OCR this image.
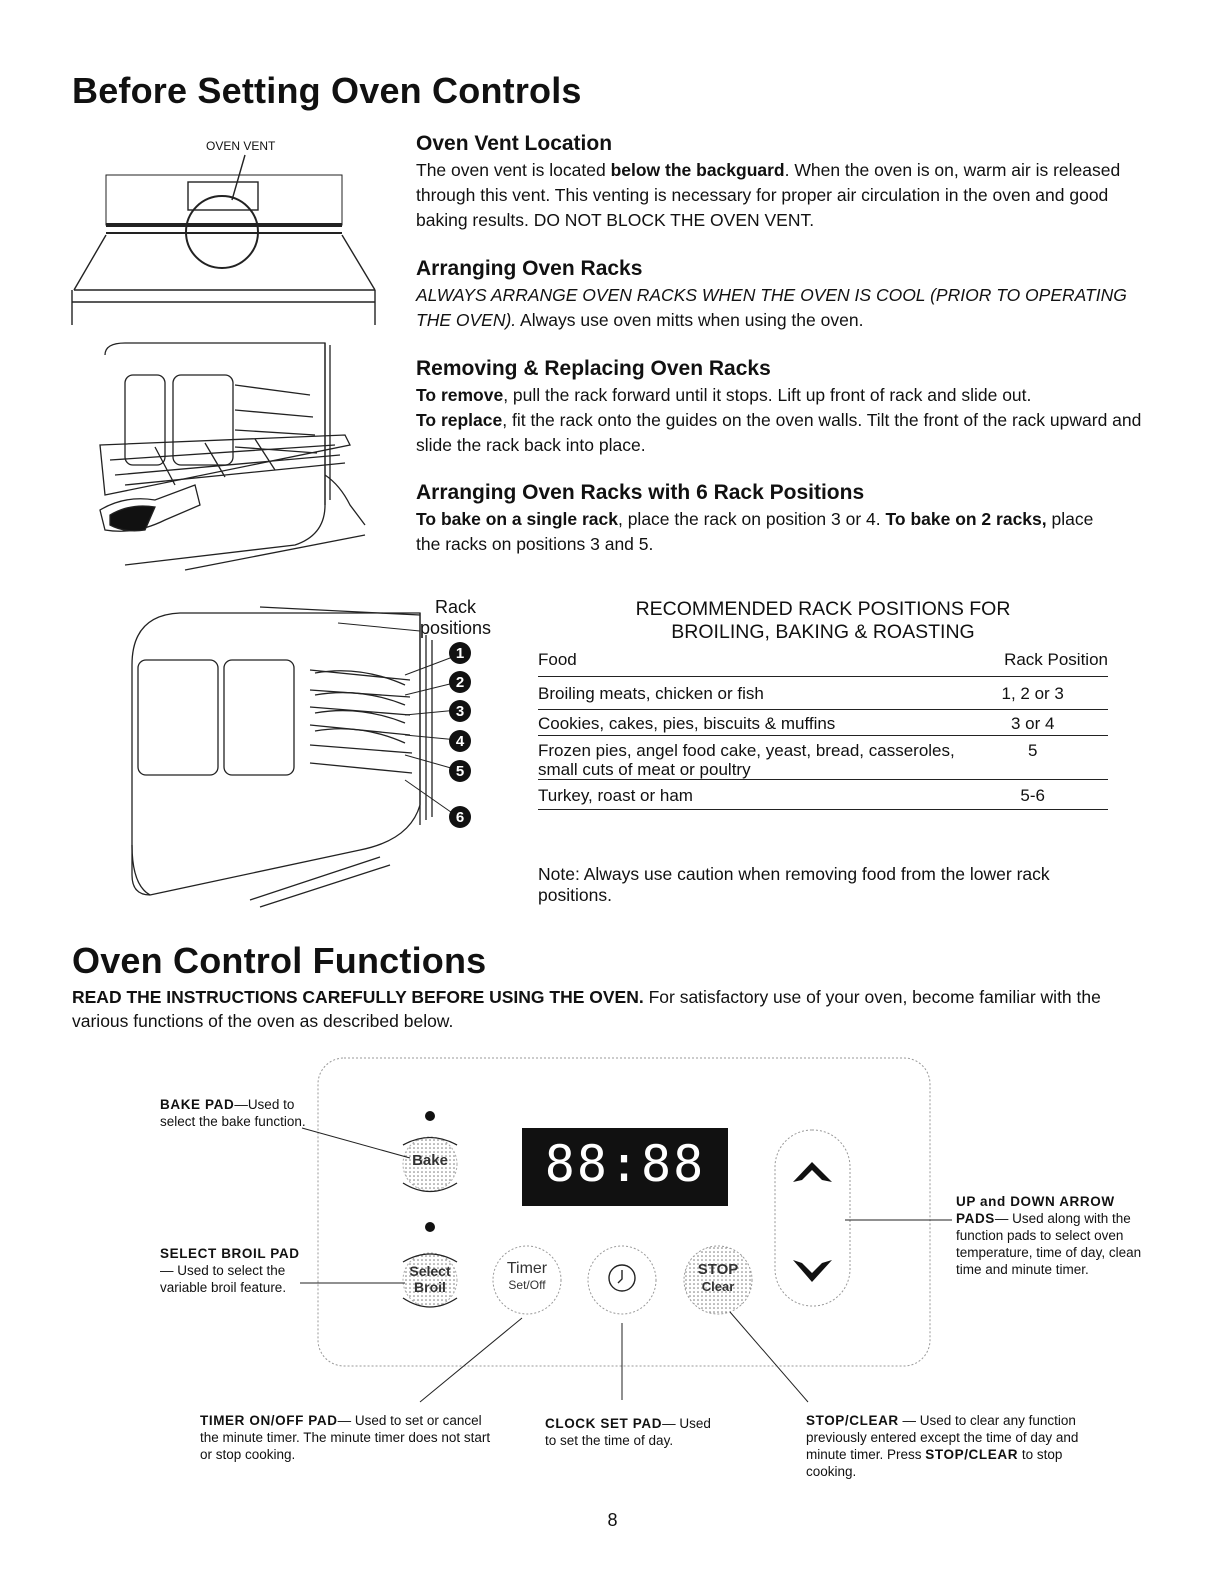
Before Setting Oven Controls
OVEN VENT	Oven Vent Location

The oven vent is located below the backguard. When the oven is on, warm air is released through this vent. This venting is necessary for proper air circulation in the oven and good baking results. DO NOT BLOCK THE OVEN VENT.

Arranging Oven Racks

ALWAYS ARRANGE OVEN RACKS WHEN THE OVEN IS COOL (PRIOR TO OPERATING THE OVEN). Always use oven mitts when using the oven.

Removing & Replacing Oven Racks

To remove, pull the rack forward until it stops. Lift up front of rack and slide out.
To replace, fit the rack onto the guides on the oven walls. Tilt the front of the rack upward and slide the rack back into place.

Arranging Oven Racks with 6 Rack Positions

To bake on a single rack, place the rack on position 3 or 4. To bake on 2 racks, place the racks on positions 3 and 5.

1
2
3
4
5
6
Rack
positions
RECOMMENDED RACK POSITIONS FOR
BROILING, BAKING & ROASTING
Food	Rack Position

Broiling meats, chicken or fish	1, 2 or 3
Cookies, cakes, pies, biscuits & muffins	3 or 4
Frozen pies, angel food cake, yeast, bread, casseroles, small cuts of meat or poultry	5
Turkey, roast or ham	5-6
Note: Always use caution when removing food from the lower rack positions.
Oven Control Functions

READ THE INSTRUCTIONS CAREFULLY BEFORE USING THE OVEN. For satisfactory use of your oven, become familiar with the various functions of the oven as described below.

88:88
Bake
Select
Broil
Timer
Set/Off
STOP
Clear
BAKE PAD—Used to select the bake function.
SELECT BROIL PAD— Used to select the variable broil feature.
UP and DOWN ARROW PADS— Used along with the function pads to select oven temperature, time of day, clean time and minute timer.
TIMER ON/OFF PAD— Used to set or cancel the minute timer. The minute timer does not start or stop cooking.
CLOCK SET PAD— Used to set the time of day.
STOP/CLEAR — Used to clear any function previously entered except the time of day and minute timer. Press STOP/CLEAR to stop cooking.
8
